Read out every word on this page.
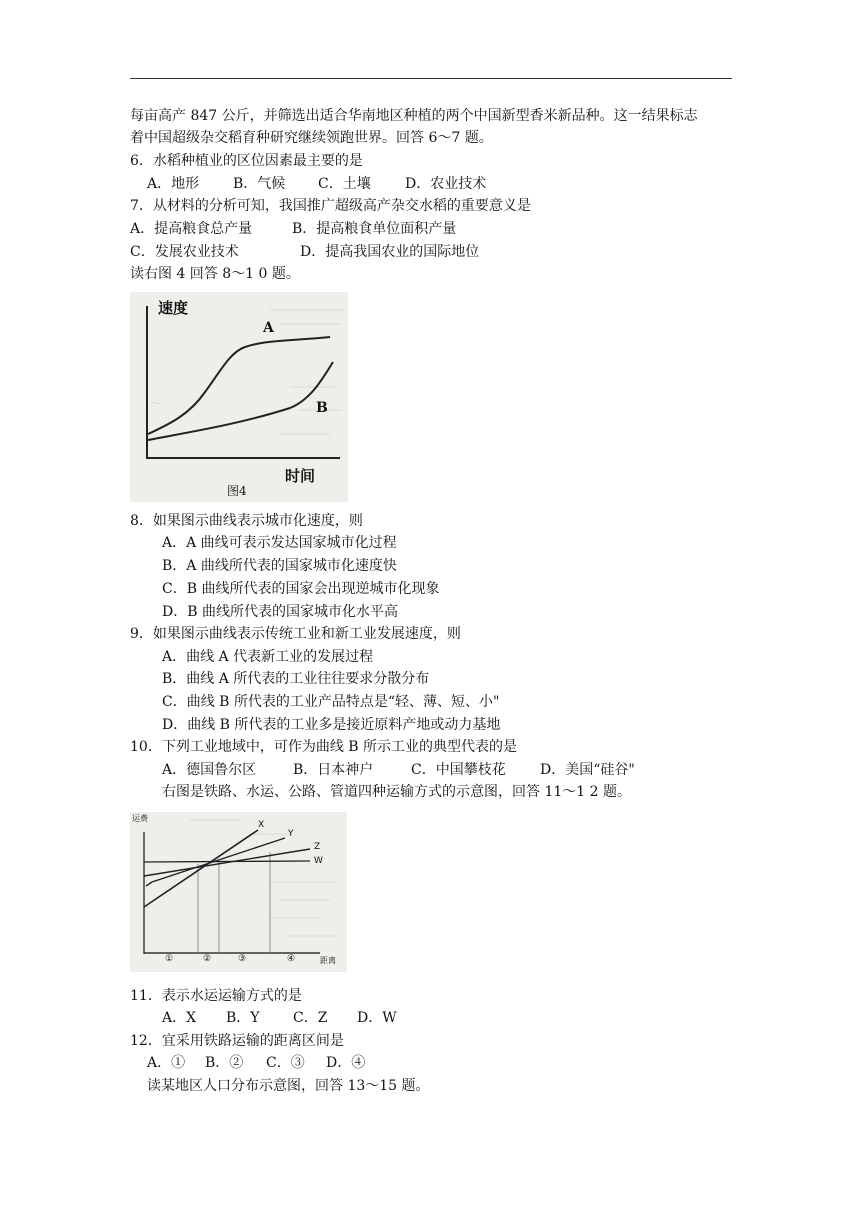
每亩高产 847 公斤，并筛选出适合华南地区种植的两个中国新型香米新品种。这一结果标志
着中国超级杂交稻育种研究继续领跑世界。回答 6～7 题。
6．水稻种植业的区位因素最主要的是
A．地形 B．气候 C．土壤 D．农业技术
7．从材料的分析可知，我国推广超级高产杂交水稻的重要意义是
A．提高粮食总产量	B．提高粮食单位面积产量
C．发展农业技术	D．提高我国农业的国际地位
读右图 4 回答 8～1 0 题。
速度
A
B
时间
图4
8．如果图示曲线表示城市化速度，则
A．A 曲线可表示发达国家城市化过程
B．A 曲线所代表的国家城市化速度快
C．B 曲线所代表的国家会出现逆城市化现象
D．B 曲线所代表的国家城市化水平高
9．如果图示曲线表示传统工业和新工业发展速度，则
A．曲线 A 代表新工业的发展过程
B．曲线 A 所代表的工业往往要求分散分布
C．曲线 B 所代表的工业产品特点是“轻、薄、短、小"
D．曲线 B 所代表的工业多是接近原料产地或动力基地
10．下列工业地域中，可作为曲线 B 所示工业的典型代表的是
A．德国鲁尔区	B．日本神户	C．中国攀枝花 D．美国“硅谷"
右图是铁路、水运、公路、管道四种运输方式的示意图，回答 11～1 2 题。
运费
X
Y
Z
W
①	②	③	④	距离
11．表示水运运输方式的是
A．X B．Y C．Z D．W
12．宜采用铁路运输的距离区间是
A．① B．② C．③ D．④
读某地区人口分布示意图，回答 13～15 题。
